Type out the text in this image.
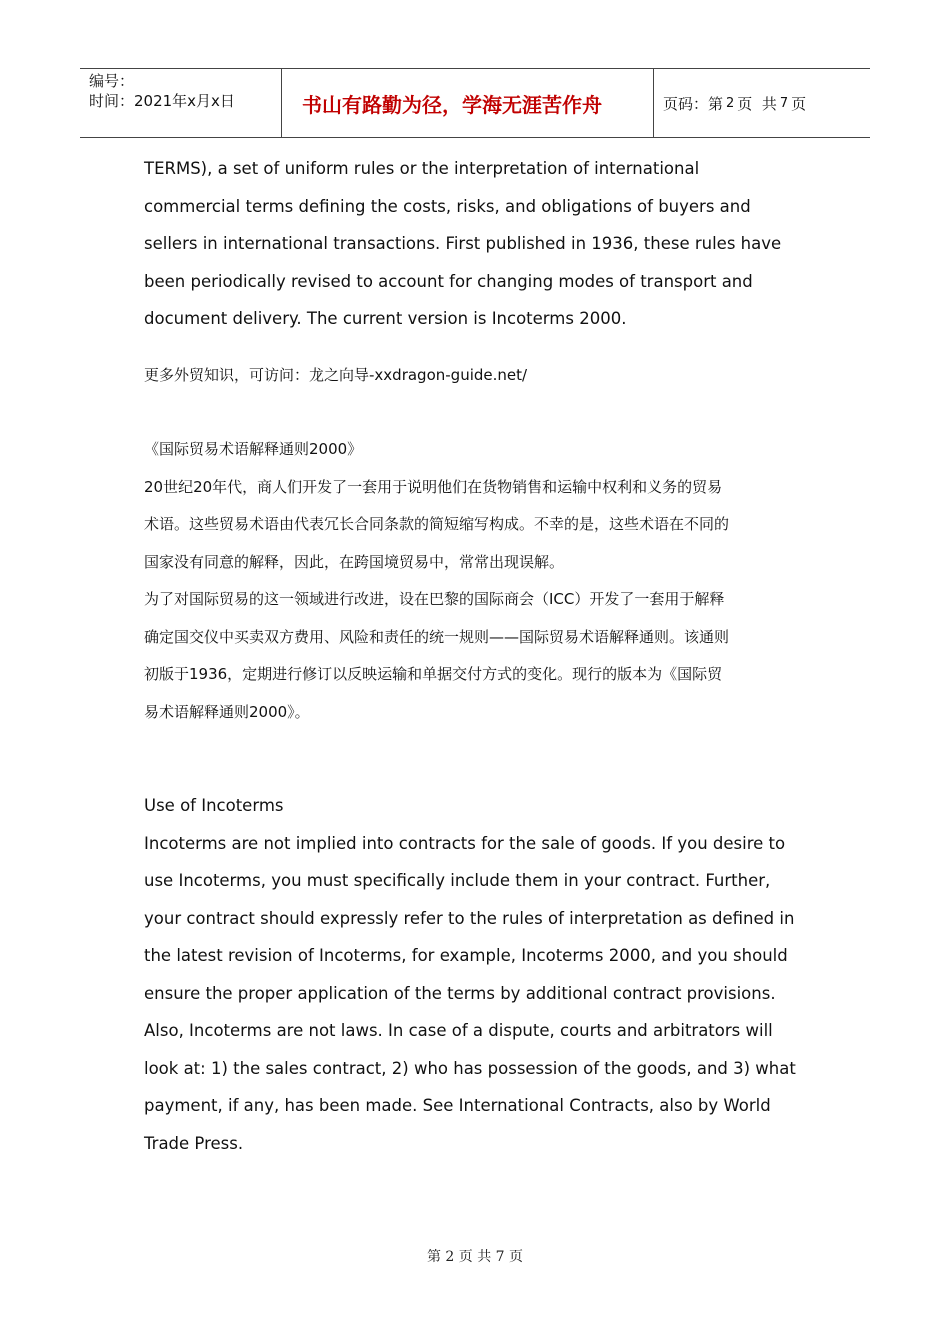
编号：
时间：2021年x月x日	书山有路勤为径，学海无涯苦作舟	页码：第 2 页  共 7 页

TERMS), a set of uniform rules or the interpretation of international

commercial terms defining the costs, risks, and obligations of buyers and

sellers in international transactions. First published in 1936, these rules have

been periodically revised to account for changing modes of transport and

document delivery. The current version is Incoterms 2000.

更多外贸知识，可访问：龙之向导-xxdragon-guide.net/

《国际贸易术语解释通则2000》

20世纪20年代，商人们开发了一套用于说明他们在货物销售和运输中权利和义务的贸易

术语。这些贸易术语由代表冗长合同条款的简短缩写构成。不幸的是，这些术语在不同的

国家没有同意的解释，因此，在跨国境贸易中，常常出现误解。

为了对国际贸易的这一领域进行改进，设在巴黎的国际商会（ICC）开发了一套用于解释

确定国交仪中买卖双方费用、风险和责任的统一规则——国际贸易术语解释通则。该通则

初版于1936，定期进行修订以反映运输和单据交付方式的变化。现行的版本为《国际贸

易术语解释通则2000》。

Use of Incoterms

Incoterms are not implied into contracts for the sale of goods. If you desire to

use Incoterms, you must specifically include them in your contract. Further,

your contract should expressly refer to the rules of interpretation as defined in

the latest revision of Incoterms, for example, Incoterms 2000, and you should

ensure the proper application of the terms by additional contract provisions.

Also, Incoterms are not laws. In case of a dispute, courts and arbitrators will

look at: 1) the sales contract, 2) who has possession of the goods, and 3) what

payment, if any, has been made. See International Contracts, also by World

Trade Press.

第 2 页 共 7 页
